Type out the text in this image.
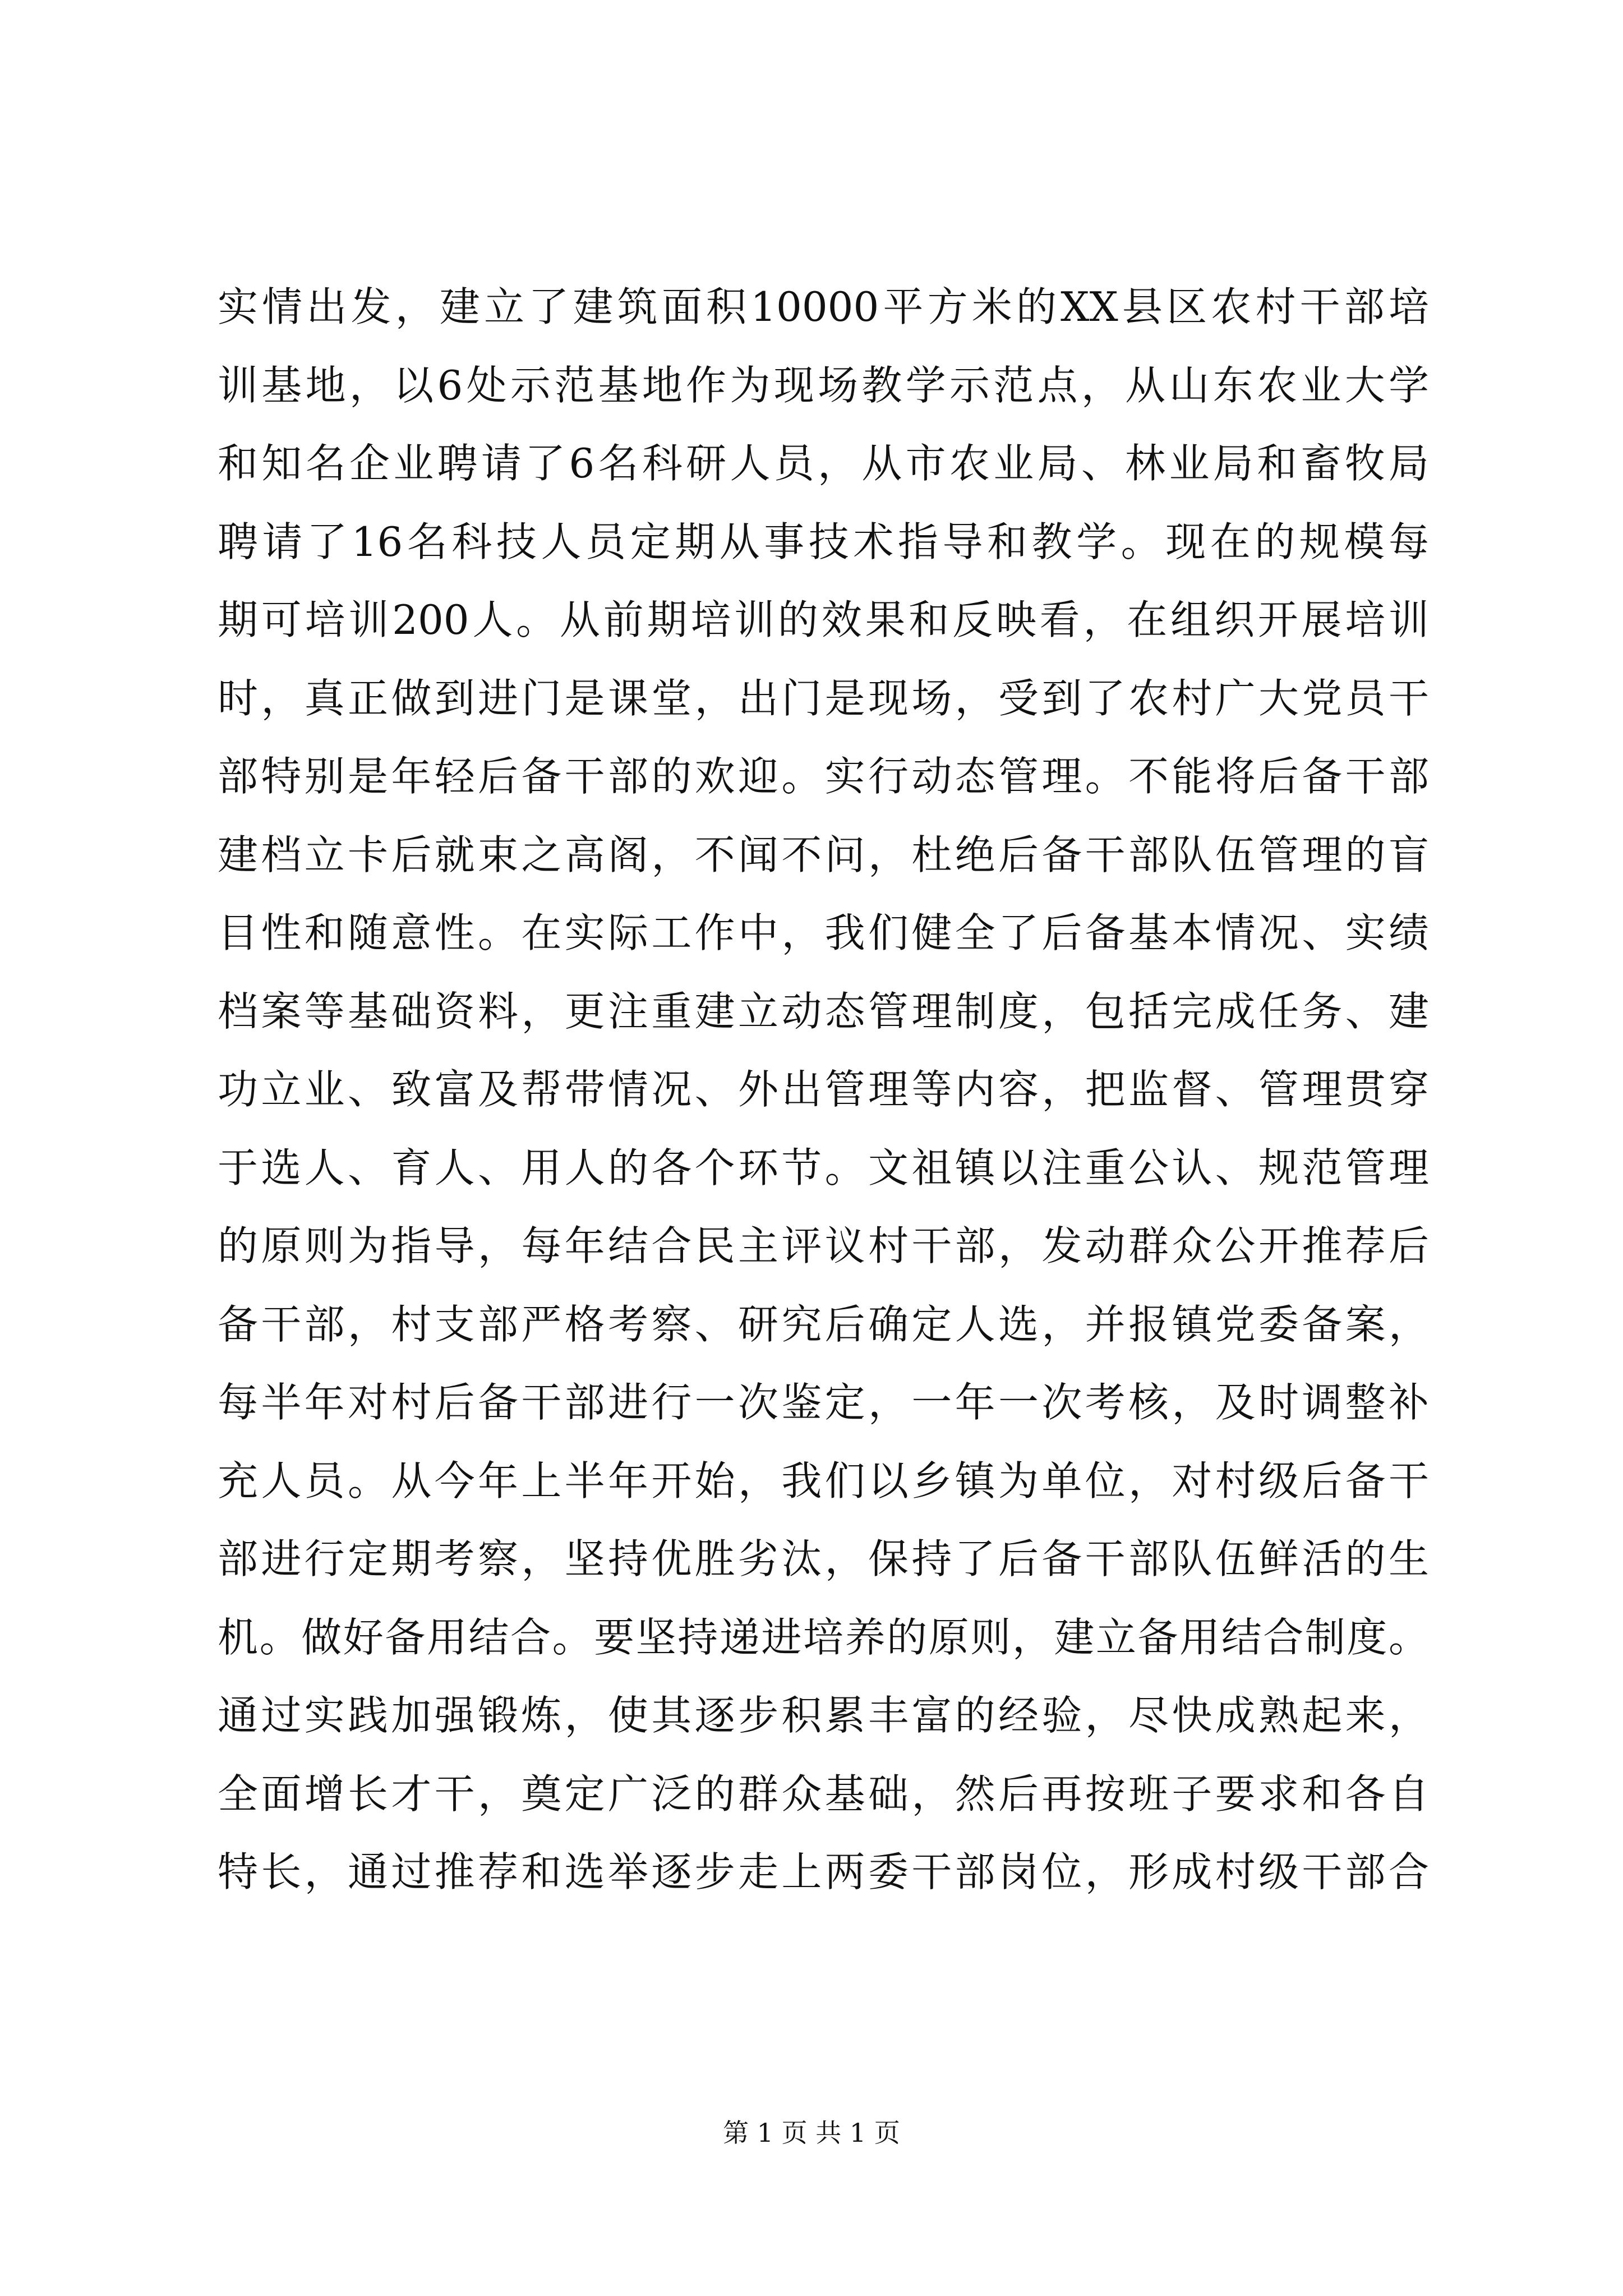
实情出发，建立了建筑面积10000平方米的XX县区农村干部培
训基地，以6处示范基地作为现场教学示范点，从山东农业大学
和知名企业聘请了6名科研人员，从市农业局、林业局和畜牧局
聘请了16名科技人员定期从事技术指导和教学。现在的规模每
期可培训200人。从前期培训的效果和反映看，在组织开展培训
时，真正做到进门是课堂，出门是现场，受到了农村广大党员干
部特别是年轻后备干部的欢迎。实行动态管理。不能将后备干部
建档立卡后就束之高阁，不闻不问，杜绝后备干部队伍管理的盲
目性和随意性。在实际工作中，我们健全了后备基本情况、实绩
档案等基础资料，更注重建立动态管理制度，包括完成任务、建
功立业、致富及帮带情况、外出管理等内容，把监督、管理贯穿
于选人、育人、用人的各个环节。文祖镇以注重公认、规范管理
的原则为指导，每年结合民主评议村干部，发动群众公开推荐后
备干部，村支部严格考察、研究后确定人选，并报镇党委备案，
每半年对村后备干部进行一次鉴定，一年一次考核，及时调整补
充人员。从今年上半年开始，我们以乡镇为单位，对村级后备干
部进行定期考察，坚持优胜劣汰，保持了后备干部队伍鲜活的生
机。做好备用结合。要坚持递进培养的原则，建立备用结合制度。
通过实践加强锻炼，使其逐步积累丰富的经验，尽快成熟起来，
全面增长才干，奠定广泛的群众基础，然后再按班子要求和各自
特长，通过推荐和选举逐步走上两委干部岗位，形成村级干部合
第 1 页 共 1 页
